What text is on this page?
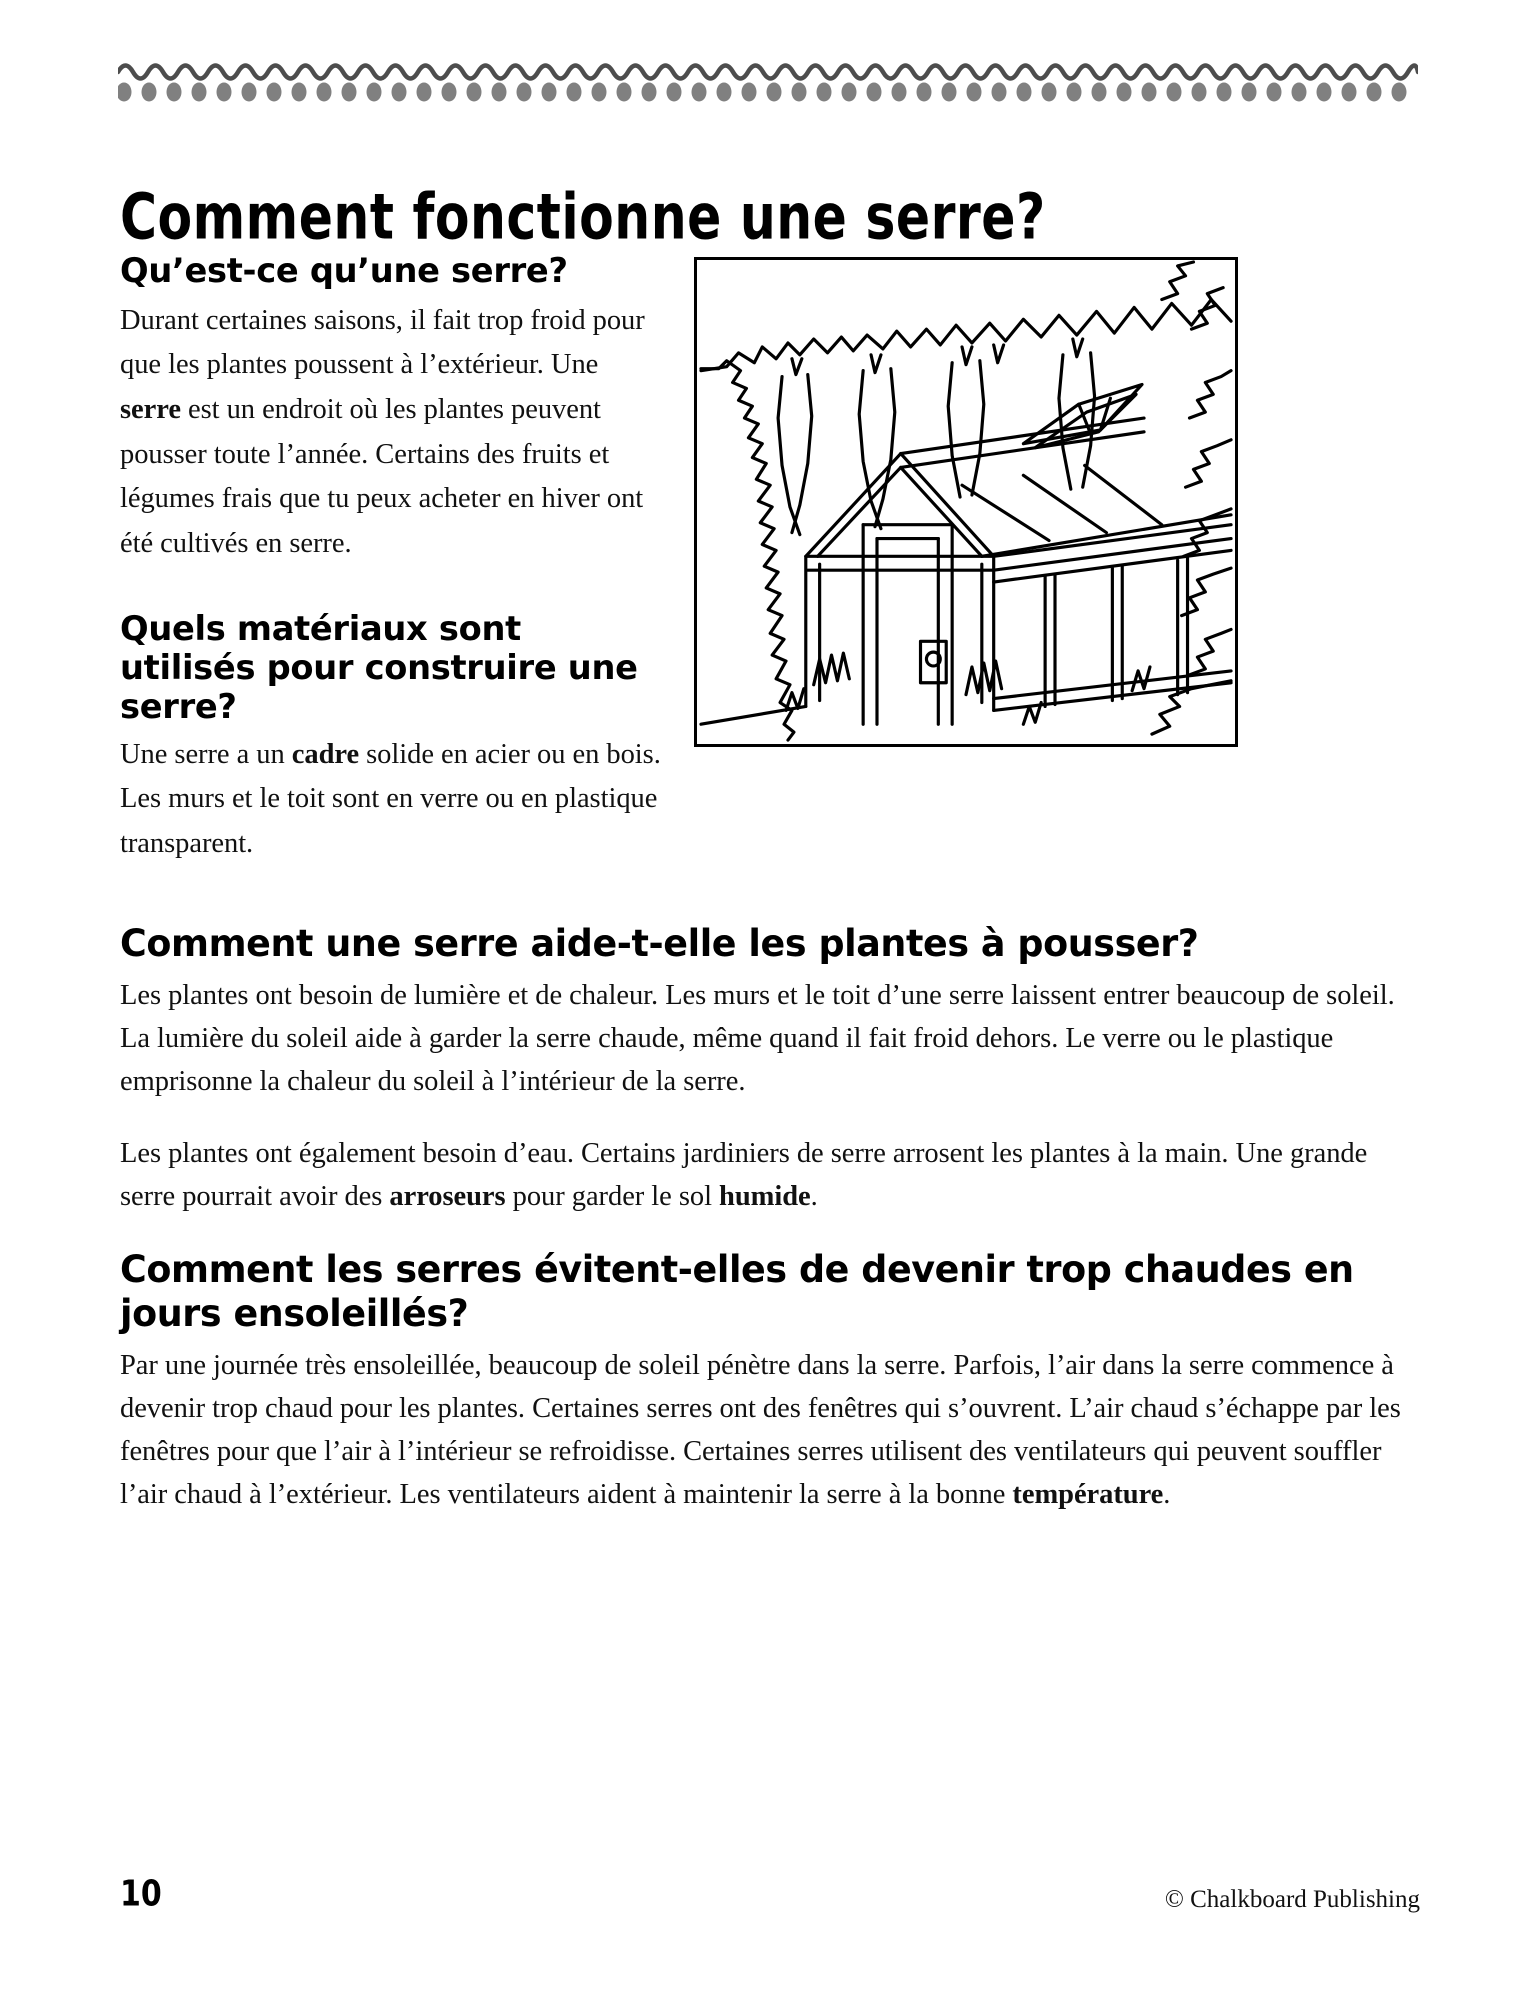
Comment fonctionne une serre?
Qu’est-ce qu’une serre?

Durant certaines saisons, il fait trop froid pour que les plantes poussent à l’extérieur. Une serre est un endroit où les plantes peuvent pousser toute l’année. Certains des fruits et légumes frais que tu peux acheter en hiver ont été cultivés en serre.

Quels matériaux sont utilisés pour construire une serre?

Une serre a un cadre solide en acier ou en bois. Les murs et le toit sont en verre ou en plastique transparent.

Comment une serre aide-t-elle les plantes à pousser?

Les plantes ont besoin de lumière et de chaleur. Les murs et le toit d’une serre laissent entrer beaucoup de soleil. La lumière du soleil aide à garder la serre chaude, même quand il fait froid dehors. Le verre ou le plastique emprisonne la chaleur du soleil à l’intérieur de la serre.

Les plantes ont également besoin d’eau. Certains jardiniers de serre arrosent les plantes à la main. Une grande serre pourrait avoir des arroseurs pour garder le sol humide.

Comment les serres évitent-elles de devenir trop chaudes en jours ensoleillés?

Par une journée très ensoleillée, beaucoup de soleil pénètre dans la serre. Parfois, l’air dans la serre commence à devenir trop chaud pour les plantes. Certaines serres ont des fenêtres qui s’ouvrent. L’air chaud s’échappe par les fenêtres pour que l’air à l’intérieur se refroidisse. Certaines serres utilisent des ventilateurs qui peuvent souffler l’air chaud à l’extérieur. Les ventilateurs aident à maintenir la serre à la bonne température.

10	© Chalkboard Publishing
